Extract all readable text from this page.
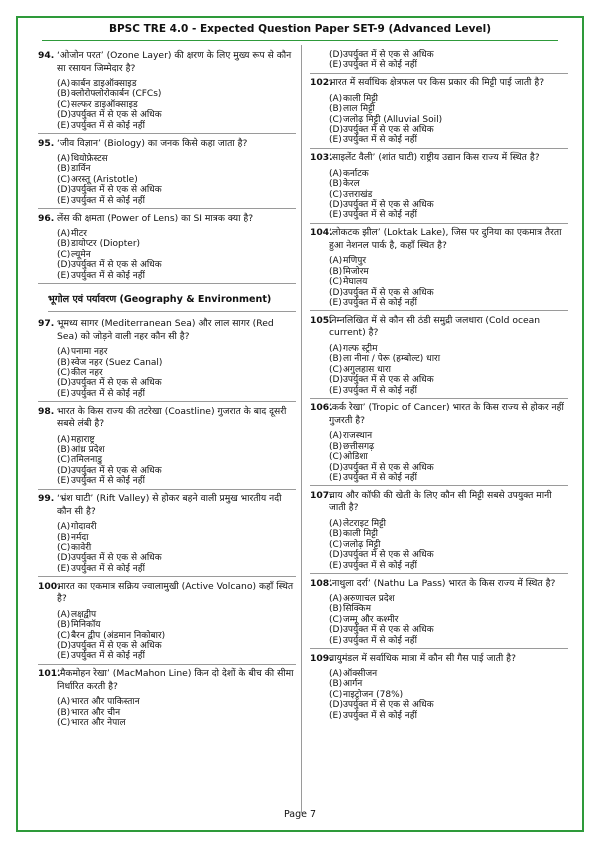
BPSC TRE 4.0 - Expected Question Paper SET-9 (Advanced Level)
94. ‘ओजोन परत’ (Ozone Layer) की क्षरण के लिए मुख्य रूप से कौन सा रसायन जिम्मेदार है?
(A)कार्बन डाइऑक्साइड
(B)क्लोरोफ्लोरोकार्बन (CFCs)
(C)सल्फर डाइऑक्साइड
(D)उपर्युक्त में से एक से अधिक
(E)उपर्युक्त में से कोई नहीं
95. ‘जीव विज्ञान’ (Biology) का जनक किसे कहा जाता है?
(A)थियोफ्रेस्टस
(B)डार्विन
(C)अरस्तू (Aristotle)
(D)उपर्युक्त में से एक से अधिक
(E)उपर्युक्त में से कोई नहीं
96. लेंस की क्षमता (Power of Lens) का SI मात्रक क्या है?
(A)मीटर
(B)डायोप्टर (Diopter)
(C)ल्यूमेन
(D)उपर्युक्त में से एक से अधिक
(E)उपर्युक्त में से कोई नहीं
भूगोल एवं पर्यावरण (Geography & Environment)
97. भूमध्य सागर (Mediterranean Sea) और लाल सागर (Red Sea) को जोड़ने वाली नहर कौन सी है?
(A)पनामा नहर
(B)स्वेज नहर (Suez Canal)
(C)कील नहर
(D)उपर्युक्त में से एक से अधिक
(E)उपर्युक्त में से कोई नहीं
98. भारत के किस राज्य की तटरेखा (Coastline) गुजरात के बाद दूसरी सबसे लंबी है?
(A)महाराष्ट्र
(B)आंध्र प्रदेश
(C)तमिलनाडु
(D)उपर्युक्त में से एक से अधिक
(E)उपर्युक्त में से कोई नहीं
99. ‘भ्रंश घाटी’ (Rift Valley) से होकर बहने वाली प्रमुख भारतीय नदी कौन सी है?
(A)गोदावरी
(B)नर्मदा
(C)कावेरी
(D)उपर्युक्त में से एक से अधिक
(E)उपर्युक्त में से कोई नहीं
100.
भारत का एकमात्र सक्रिय ज्वालामुखी (Active Volcano) कहाँ स्थित है?
(A)लक्षद्वीप
(B)मिनिकॉय
(C)बैरन द्वीप (अंडमान निकोबार)
(D)उपर्युक्त में से एक से अधिक
(E)उपर्युक्त में से कोई नहीं
101.
‘मैकमोहन रेखा’ (MacMahon Line) किन दो देशों के बीच की सीमा निर्धारित करती है?
(A)भारत और पाकिस्तान
(B)भारत और चीन
(C)भारत और नेपाल
(D)उपर्युक्त में से एक से अधिक
(E)उपर्युक्त में से कोई नहीं
102.
भारत में सर्वाधिक क्षेत्रफल पर किस प्रकार की मिट्टी पाई जाती है?
(A)काली मिट्टी
(B)लाल मिट्टी
(C)जलोढ़ मिट्टी (Alluvial Soil)
(D)उपर्युक्त में से एक से अधिक
(E)उपर्युक्त में से कोई नहीं
103.
‘साइलेंट वैली’ (शांत घाटी) राष्ट्रीय उद्यान किस राज्य में स्थित है?
(A)कर्नाटक
(B)केरल
(C)उत्तराखंड
(D)उपर्युक्त में से एक से अधिक
(E)उपर्युक्त में से कोई नहीं
104.
‘लोकटक झील’ (Loktak Lake), जिस पर दुनिया का एकमात्र तैरता हुआ नेशनल पार्क है, कहाँ स्थित है?
(A)मणिपुर
(B)मिजोरम
(C)मेघालय
(D)उपर्युक्त में से एक से अधिक
(E)उपर्युक्त में से कोई नहीं
105.
निम्नलिखित में से कौन सी ठंडी समुद्री जलधारा (Cold ocean current) है?
(A)गल्फ स्ट्रीम
(B)ला नीना / पेरू (हम्बोल्ट) धारा
(C)अगुलहास धारा
(D)उपर्युक्त में से एक से अधिक
(E)उपर्युक्त में से कोई नहीं
106.
‘कर्क रेखा’ (Tropic of Cancer) भारत के किस राज्य से होकर नहीं गुजरती है?
(A)राजस्थान
(B)छत्तीसगढ़
(C)ओडिशा
(D)उपर्युक्त में से एक से अधिक
(E)उपर्युक्त में से कोई नहीं
107.
चाय और कॉफी की खेती के लिए कौन सी मिट्टी सबसे उपयुक्त मानी जाती है?
(A)लेटराइट मिट्टी
(B)काली मिट्टी
(C)जलोढ़ मिट्टी
(D)उपर्युक्त में से एक से अधिक
(E)उपर्युक्त में से कोई नहीं
108.
‘नाथुला दर्रा’ (Nathu La Pass) भारत के किस राज्य में स्थित है?
(A)अरुणाचल प्रदेश
(B)सिक्किम
(C)जम्मू और कश्मीर
(D)उपर्युक्त में से एक से अधिक
(E)उपर्युक्त में से कोई नहीं
109.
वायुमंडल में सर्वाधिक मात्रा में कौन सी गैस पाई जाती है?
(A)ऑक्सीजन
(B)आर्गन
(C)नाइट्रोजन (78%)
(D)उपर्युक्त में से एक से अधिक
(E)उपर्युक्त में से कोई नहीं
Page 7
